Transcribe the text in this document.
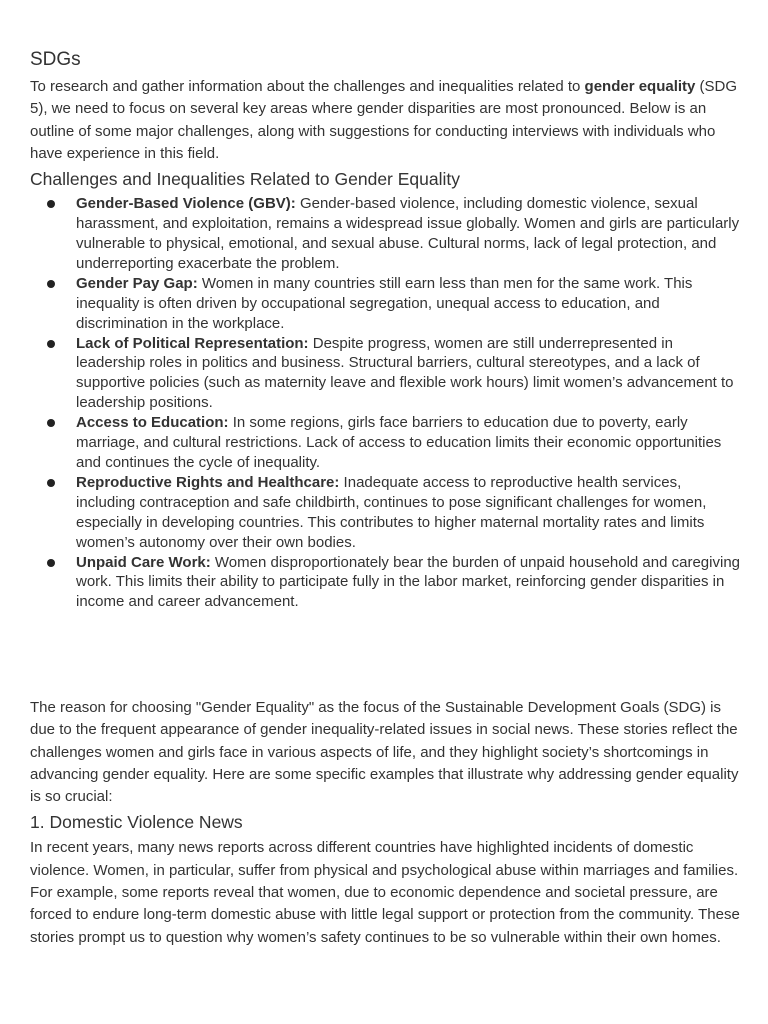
SDGs

To research and gather information about the challenges and inequalities related to gender equality (SDG 5), we need to focus on several key areas where gender disparities are most pronounced. Below is an outline of some major challenges, along with suggestions for conducting interviews with individuals who have experience in this field.

Challenges and Inequalities Related to Gender Equality
Gender-Based Violence (GBV): Gender-based violence, including domestic violence, sexual harassment, and exploitation, remains a widespread issue globally. Women and girls are particularly vulnerable to physical, emotional, and sexual abuse. Cultural norms, lack of legal protection, and underreporting exacerbate the problem.
Gender Pay Gap: Women in many countries still earn less than men for the same work. This inequality is often driven by occupational segregation, unequal access to education, and discrimination in the workplace.
Lack of Political Representation: Despite progress, women are still underrepresented in leadership roles in politics and business. Structural barriers, cultural stereotypes, and a lack of supportive policies (such as maternity leave and flexible work hours) limit women’s advancement to leadership positions.
Access to Education: In some regions, girls face barriers to education due to poverty, early marriage, and cultural restrictions. Lack of access to education limits their economic opportunities and continues the cycle of inequality.
Reproductive Rights and Healthcare: Inadequate access to reproductive health services, including contraception and safe childbirth, continues to pose significant challenges for women, especially in developing countries. This contributes to higher maternal mortality rates and limits women’s autonomy over their own bodies.
Unpaid Care Work: Women disproportionately bear the burden of unpaid household and caregiving work. This limits their ability to participate fully in the labor market, reinforcing gender disparities in income and career advancement.

The reason for choosing "Gender Equality" as the focus of the Sustainable Development Goals (SDG) is due to the frequent appearance of gender inequality-related issues in social news. These stories reflect the challenges women and girls face in various aspects of life, and they highlight society’s shortcomings in advancing gender equality. Here are some specific examples that illustrate why addressing gender equality is so crucial:

1. Domestic Violence News

In recent years, many news reports across different countries have highlighted incidents of domestic violence. Women, in particular, suffer from physical and psychological abuse within marriages and families. For example, some reports reveal that women, due to economic dependence and societal pressure, are forced to endure long-term domestic abuse with little legal support or protection from the community. These stories prompt us to question why women’s safety continues to be so vulnerable within their own homes.
